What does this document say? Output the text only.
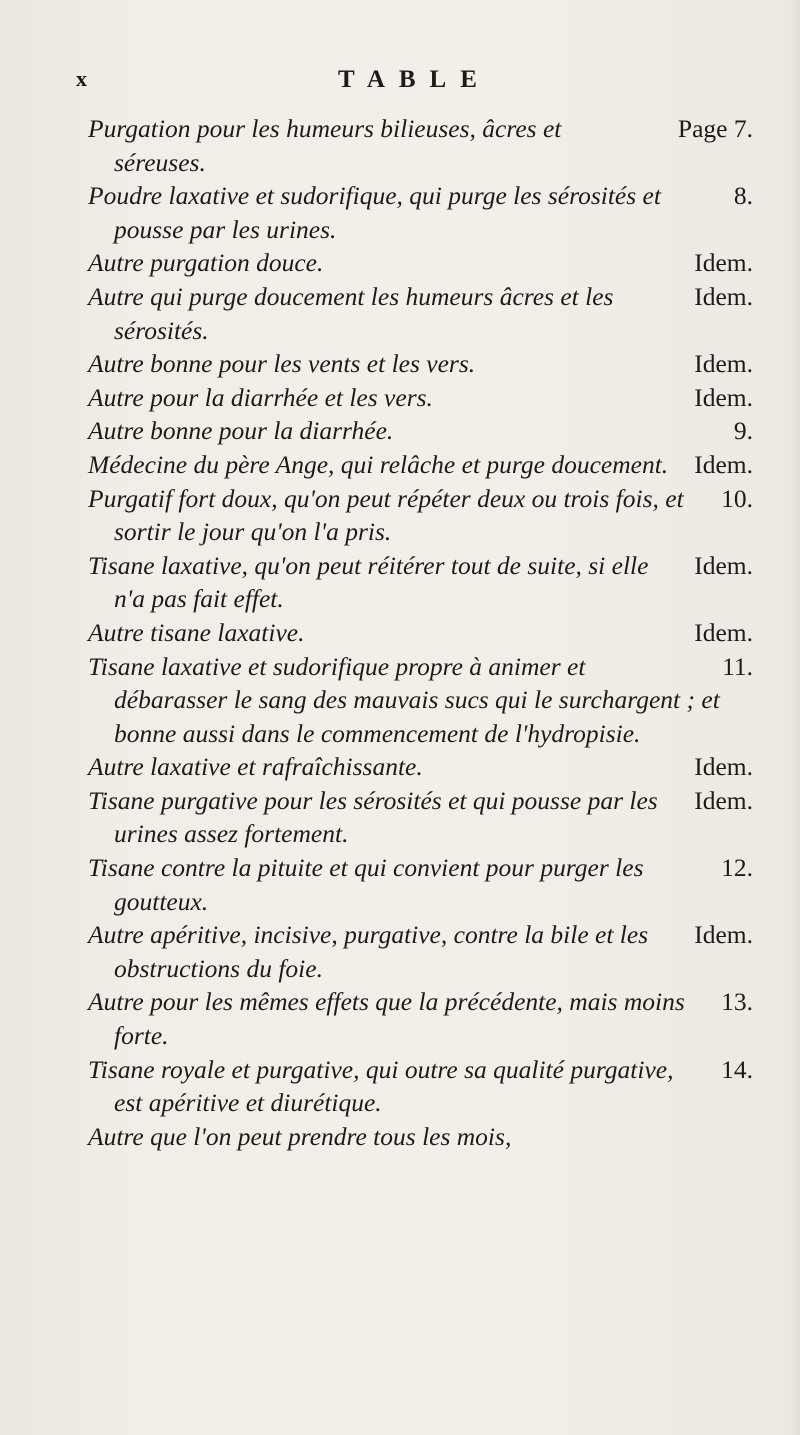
x	TABLE

Page 7.
Purgation pour les humeurs bilieuses, âcres et séreuses.

8.
Poudre laxative et sudorifique, qui purge les sérosités et pousse par les urines.

Idem.
Autre purgation douce.

Idem.
Autre qui purge doucement les humeurs âcres et les sérosités.

Idem.
Autre bonne pour les vents et les vers.

Idem.
Autre pour la diarrhée et les vers.

9.
Autre bonne pour la diarrhée.

Idem.
Médecine du père Ange, qui relâche et purge doucement.

10.
Purgatif fort doux, qu'on peut répéter deux ou trois fois, et sortir le jour qu'on l'a pris.

Idem.
Tisane laxative, qu'on peut réitérer tout de suite, si elle n'a pas fait effet.

Idem.
Autre tisane laxative.

11.
Tisane laxative et sudorifique propre à animer et débarasser le sang des mauvais sucs qui le surchargent ; et bonne aussi dans le commencement de l'hydropisie.

Idem.
Autre laxative et rafraîchissante.

Idem.
Tisane purgative pour les sérosités et qui pousse par les urines assez fortement.

12.
Tisane contre la pituite et qui convient pour purger les goutteux.

Idem.
Autre apéritive, incisive, purgative, contre la bile et les obstructions du foie.

13.
Autre pour les mêmes effets que la précédente, mais moins forte.

14.
Tisane royale et purgative, qui outre sa qualité purgative, est apéritive et diurétique.

Autre que l'on peut prendre tous les mois,
